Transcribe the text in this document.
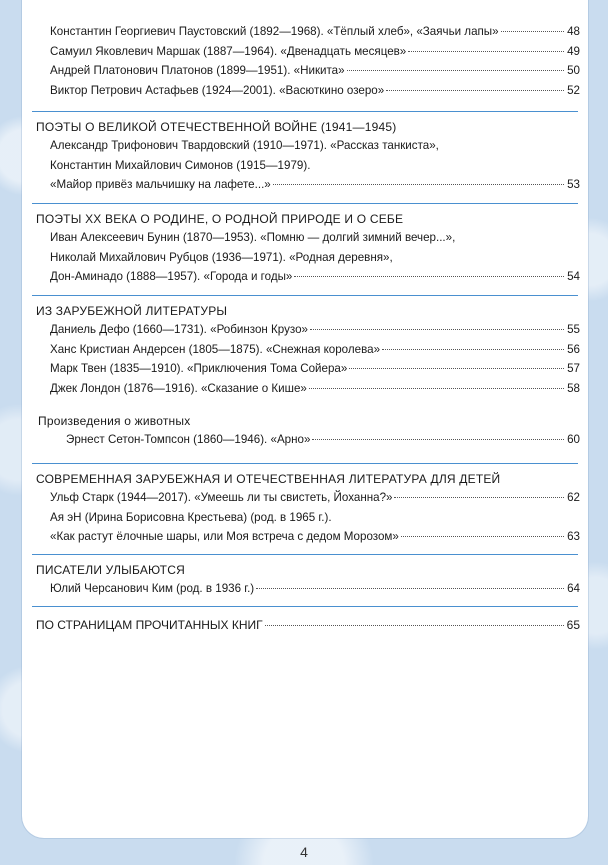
Константин Георгиевич Паустовский (1892—1968). «Тёплый хлеб», «Заячьи лапы»	48
Самуил Яковлевич Маршак (1887—1964). «Двенадцать месяцев»	49
Андрей Платонович Платонов (1899—1951). «Никита»	50
Виктор Петрович Астафьев (1924—2001). «Васюткино озеро»	52
ПОЭТЫ О ВЕЛИКОЙ ОТЕЧЕСТВЕННОЙ ВОЙНЕ (1941—1945)
Александр Трифонович Твардовский (1910—1971). «Рассказ танкиста»,
Константин Михайлович Симонов (1915—1979).
«Майор привёз мальчишку на лафете...»	53
ПОЭТЫ XX ВЕКА О РОДИНЕ, О РОДНОЙ ПРИРОДЕ И О СЕБЕ
Иван Алексеевич Бунин (1870—1953). «Помню — долгий зимний вечер...»,
Николай Михайлович Рубцов (1936—1971). «Родная деревня»,
Дон-Аминадо (1888—1957). «Города и годы»	54
ИЗ ЗАРУБЕЖНОЙ ЛИТЕРАТУРЫ
Даниель Дефо (1660—1731). «Робинзон Крузо»	55
Ханс Кристиан Андерсен (1805—1875). «Снежная королева»	56
Марк Твен (1835—1910). «Приключения Тома Сойера»	57
Джек Лондон (1876—1916). «Сказание о Кише»	58
Произведения о животных
Эрнест Сетон-Томпсон (1860—1946). «Арно»	60
СОВРЕМЕННАЯ ЗАРУБЕЖНАЯ И ОТЕЧЕСТВЕННАЯ ЛИТЕРАТУРА ДЛЯ ДЕТЕЙ
Ульф Старк (1944—2017). «Умеешь ли ты свистеть, Йоханна?»	62
Ая эН (Ирина Борисовна Крестьева) (род. в 1965 г.).
«Как растут ёлочные шары, или Моя встреча с дедом Морозом»	63
ПИСАТЕЛИ УЛЫБАЮТСЯ
Юлий Черсанович Ким (род. в 1936 г.)	64
ПО СТРАНИЦАМ ПРОЧИТАННЫХ КНИГ	65
4
